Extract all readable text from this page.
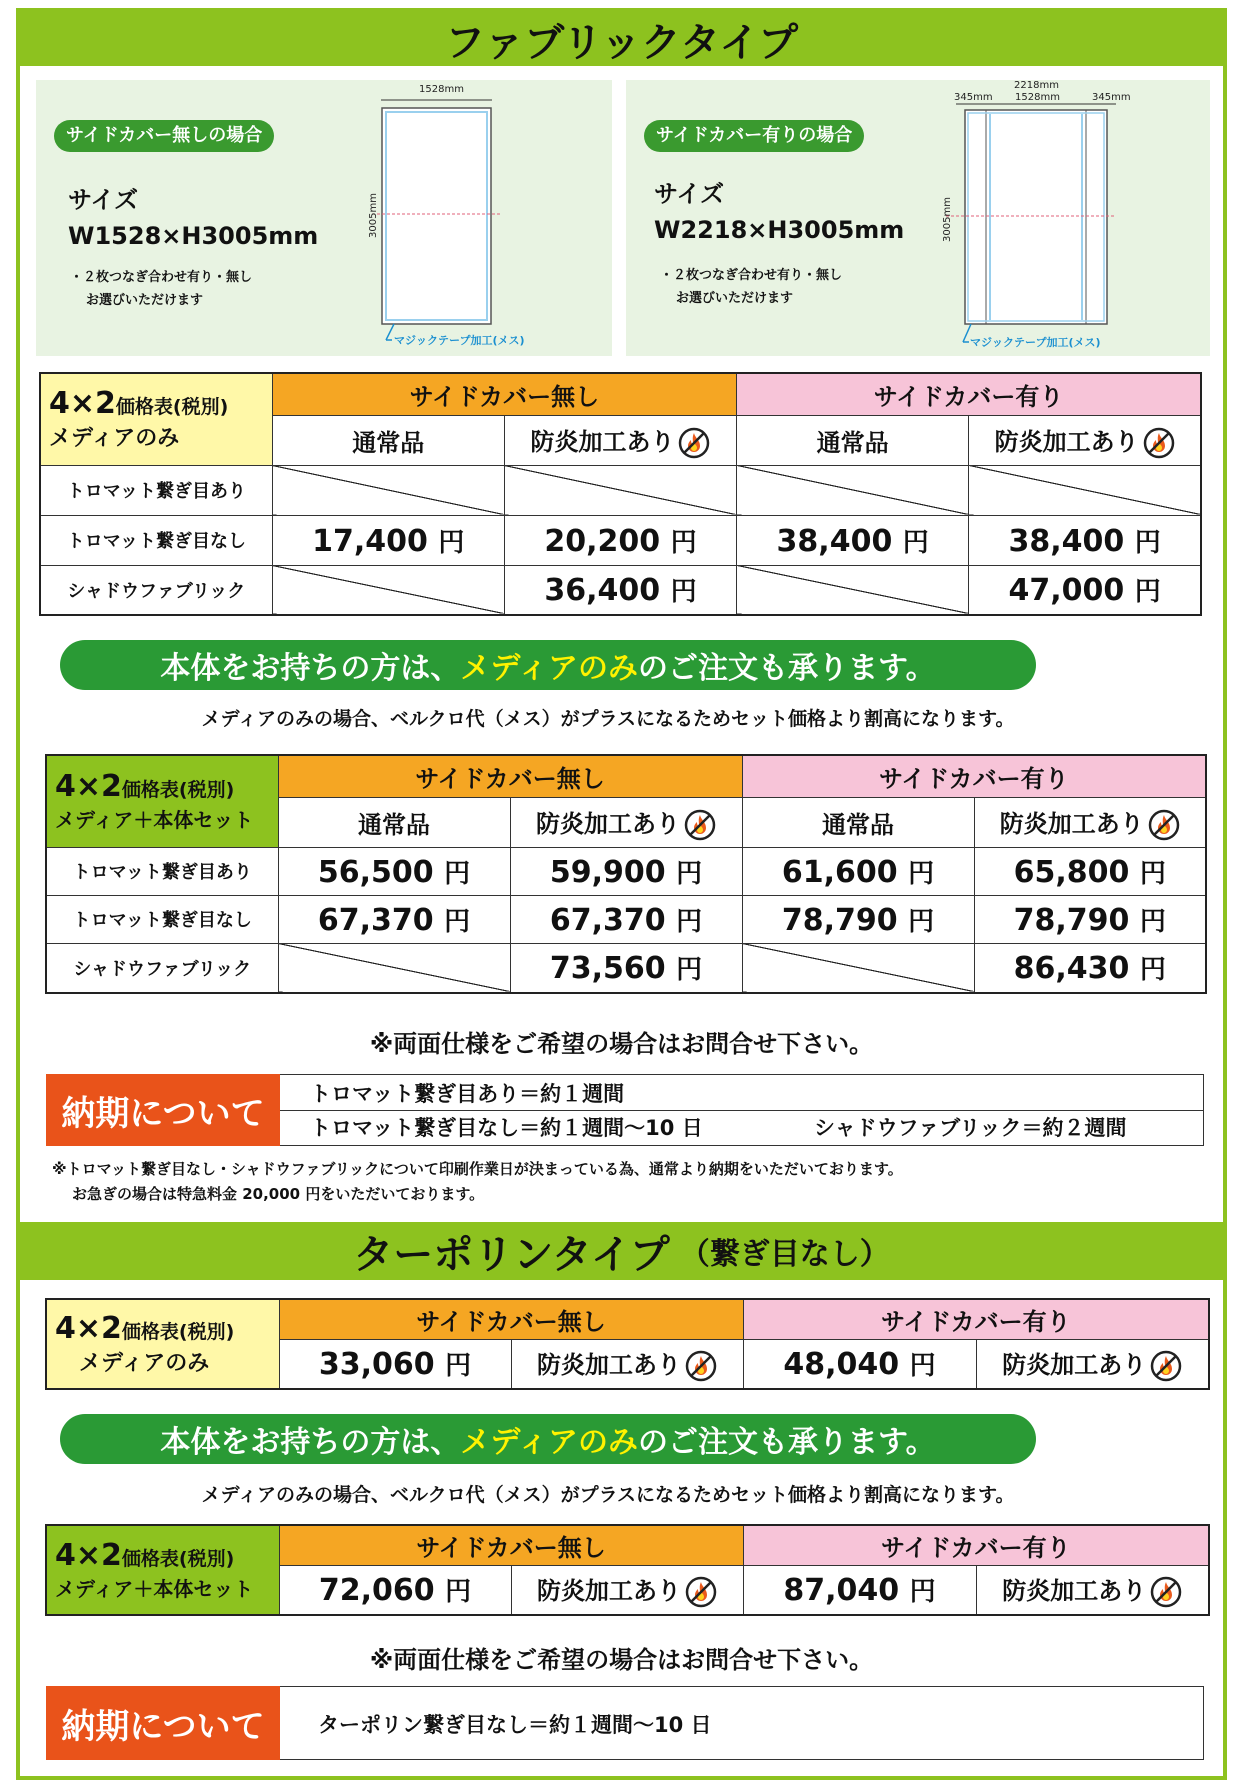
ファブリックタイプ
サイドカバー無しの場合
サイズ
W1528×H3005mm
・２枚つなぎ合わせ有り・無し
お選びいただけます
1528mm
3005mm
マジックテープ加工(メス)
サイドカバー有りの場合
サイズ
W2218×H3005mm
・２枚つなぎ合わせ有り・無し
お選びいただけます
2218mm
345mm 1528mm	345mm
3005mm
マジックテープ加工(メス)
4×2価格表(税別)
メディアのみ	サイドカバー無し		サイドカバー有り	
	通常品	防炎加工あり	通常品	防炎加工あり
トロマット繋ぎ目あり				
トロマット繋ぎ目なし	17,400 円	20,200 円	38,400 円	38,400 円
シャドウファブリック		36,400 円		47,000 円
本体をお持ちの方は、 メディアのみ のご注文も承ります。
メディアのみの場合、ベルクロ代（メス）がプラスになるためセット価格より割高になります。
4×2価格表(税別)
メディア＋本体セット	サイドカバー無し		サイドカバー有り	
	通常品	防炎加工あり	通常品	防炎加工あり
トロマット繋ぎ目あり	56,500 円	59,900 円	61,600 円	65,800 円
トロマット繋ぎ目なし	67,370 円	67,370 円	78,790 円	78,790 円
シャドウファブリック		73,560 円		86,430 円
※両面仕様をご希望の場合はお問合せ下さい。
納期について	トロマット繋ぎ目あり＝約１週間
トロマット繋ぎ目なし＝約１週間〜10 日	シャドウファブリック＝約２週間
※トロマット繋ぎ目なし・シャドウファブリックについて印刷作業日が決まっている為、通常より納期をいただいております。
お急ぎの場合は特急料金 20,000 円をいただいております。
ターポリンタイプ （繋ぎ目なし）
4×2価格表(税別)
メディアのみ	サイドカバー無し		サイドカバー有り	
	33,060 円	防炎加工あり	48,040 円	防炎加工あり
本体をお持ちの方は、 メディアのみ のご注文も承ります。
メディアのみの場合、ベルクロ代（メス）がプラスになるためセット価格より割高になります。
4×2価格表(税別)
メディア＋本体セット	サイドカバー無し		サイドカバー有り	
	72,060 円	防炎加工あり	87,040 円	防炎加工あり
※両面仕様をご希望の場合はお問合せ下さい。
納期について	ターポリン繋ぎ目なし＝約１週間〜10 日
